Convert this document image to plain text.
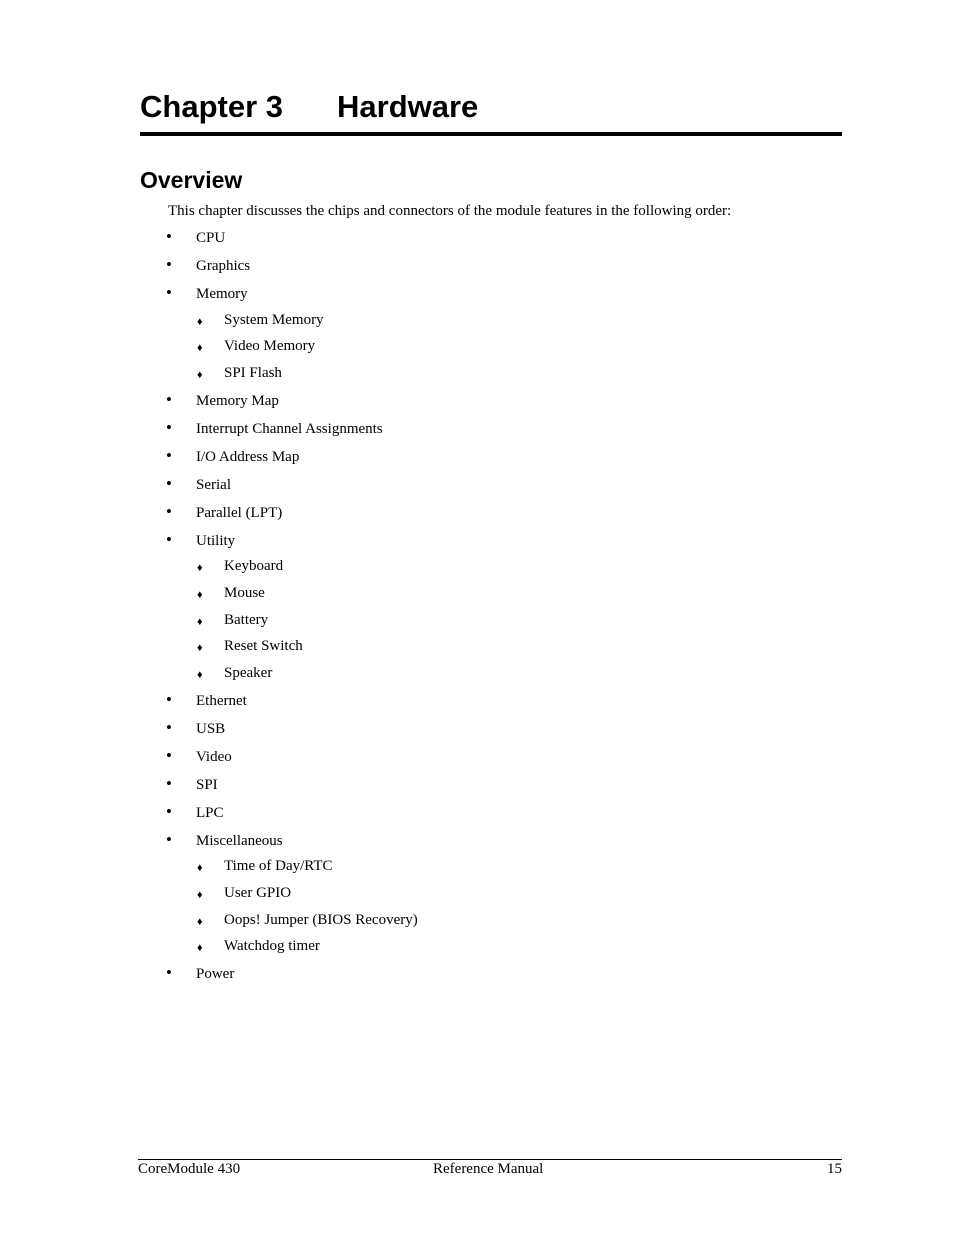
Chapter 3 Hardware
Overview
This chapter discusses the chips and connectors of the module features in the following order:
• CPU
• Graphics
• Memory
♦ System Memory
♦ Video Memory
♦ SPI Flash
• Memory Map
• Interrupt Channel Assignments
• I/O Address Map
• Serial
• Parallel (LPT)
• Utility
♦ Keyboard
♦ Mouse
♦ Battery
♦ Reset Switch
♦ Speaker
• Ethernet
• USB
• Video
• SPI
• LPC
• Miscellaneous
♦ Time of Day/RTC
♦ User GPIO
♦ Oops! Jumper (BIOS Recovery)
♦ Watchdog timer
• Power
CoreModule 430	Reference Manual	15
